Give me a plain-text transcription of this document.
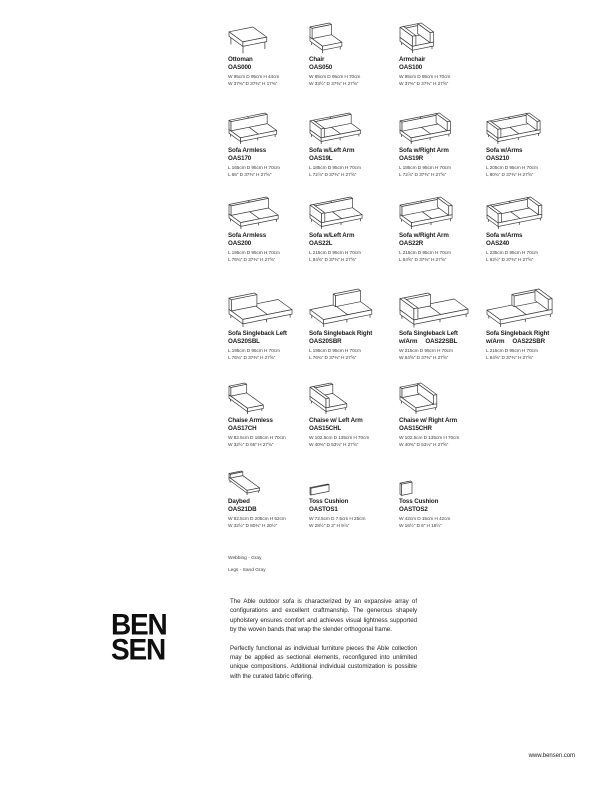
Ottoman
OAS000
W 95cm D 95cm H 44cm
W 37⅜" D 37⅜" H 17⅜"
Chair
OAS050
W 85cm D 95cm H 70cm
W 33½" D 37⅜" H 27⅝"
Armchair
OAS100
W 95cm D 95cm H 70cm
W 37⅜" D 37⅜" H 27⅝"
Sofa Armless
OAS170
L 165cm D 95cm H 70cm
L 65" D 37⅜" H 27⅝"
Sofa w/Left Arm
OAS19L
L 185cm D 95cm H 70cm
L 72⅞" D 37⅜" H 27⅝"
Sofa w/Right Arm
OAS19R
L 185cm D 95cm H 70cm
L 72⅞" D 37⅜" H 27⅝"
Sofa w/Arms
OAS210
L 205cm D 95cm H 70cm
L 80¾" D 37⅜" H 27⅝"
Sofa Armless
OAS200
L 195cm D 95cm H 70cm
L 76¾" D 37⅜" H 27⅝"
Sofa w/Left Arm
OAS22L
L 215cm D 95cm H 70cm
L 84⅝" D 37⅜" H 27⅝"
Sofa w/Right Arm
OAS22R
L 215cm D 95cm H 70cm
L 84⅝" D 37⅜" H 27⅝"
Sofa w/Arms
OAS240
L 235cm D 95cm H 70cm
L 92½" D 37⅜" H 27⅝"
Sofa Singleback Left
OAS20SBL
L 195cm D 95cm H 70cm
L 76¾" D 37⅜" H 27⅝"
Sofa Singleback Right
OAS20SBR
L 195cm D 95cm H 70cm
L 76¾" D 37⅜" H 27⅝"
Sofa Singleback Left
w/Arm OAS22SBL
W 215cm D 95cm H 70cm
W 84⅝" D 37⅜" H 27⅝"
Sofa Singleback Right
w/Arm OAS22SBR
L 215cm D 95cm H 70cm
L 84⅝" D 37⅜" H 27⅝"
Chaise Armless
OAS17CH
W 82.5cm D 165cm H 70cm
W 32½" D 65" H 27⅝"
Chaise w/ Left Arm
OAS15CHL
W 102.5cm D 135cm H 70cm
W 40⅜" D 53⅛" H 27⅝"
Chaise w/ Right Arm
OAS15CHR
W 102.5cm D 135cm H 70cm
W 40⅜" D 53⅛" H 27⅝"
Daybed
OAS21DB
W 82.5cm D 205cm H 52cm
W 32½" D 80¾" H 20½"
Toss Cushion
OASTOS1
W 72.5cm D 7.5cm H 25cm
W 28½" D 3" H 9⅞"
Toss Cushion
OASTOS2
W 42cm D 15cm H 42cm
W 16½" D 6" H 16½"
Webbing - Gray
Legs - Sand Gray
BEN
SEN

The Able outdoor sofa is characterized by an expansive array of configurations and excellent craftmanship. The generous shapely upholstery ensures comfort and achieves visual lightness supported by the woven bands that wrap the slender orthogonal frame.

Perfectly functional as individual furniture pieces the Able collection may be applied as sectional elements, reconfigured into unlimited unique compositions. Additional individual customization is possible with the curated fabric offering.

www.bensen.com
